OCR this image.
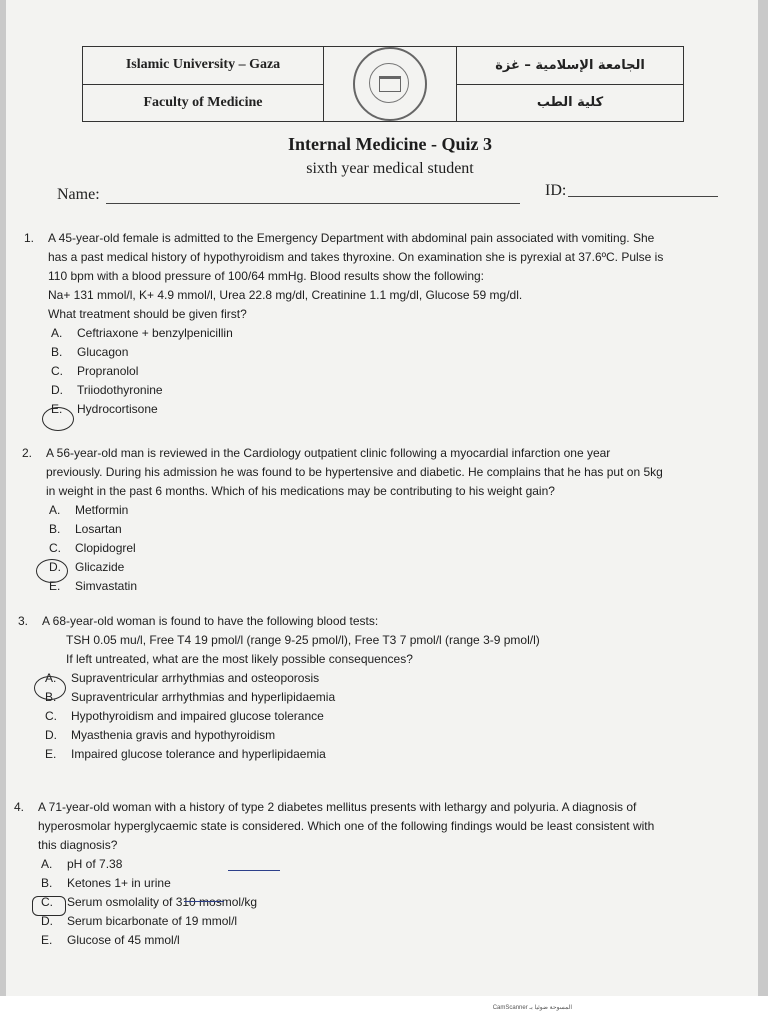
Islamic University – Gaza		الجامعة الإسلامية – غزة
Faculty of Medicine		كلية الطب
Internal Medicine - Quiz 3
sixth year medical student
Name:	ID:
1. A 45-year-old female is admitted to the Emergency Department with abdominal pain associated with vomiting. She
has a past medical history of hypothyroidism and takes thyroxine. On examination she is pyrexial at 37.6ºC. Pulse is
110 bpm with a blood pressure of 100/64 mmHg. Blood results show the following:
Na+ 131 mmol/l, K+ 4.9 mmol/l, Urea 22.8 mg/dl, Creatinine 1.1 mg/dl, Glucose 59 mg/dl.
What treatment should be given first?
A. Ceftriaxone + benzylpenicillin
B. Glucagon
C. Propranolol
D. Triiodothyronine
E. Hydrocortisone
2. A 56-year-old man is reviewed in the Cardiology outpatient clinic following a myocardial infarction one year
previously. During his admission he was found to be hypertensive and diabetic. He complains that he has put on 5kg
in weight in the past 6 months. Which of his medications may be contributing to his weight gain?
A. Metformin
B. Losartan
C. Clopidogrel
D. Glicazide
E. Simvastatin
3. A 68-year-old woman is found to have the following blood tests:
TSH 0.05 mu/l, Free T4 19 pmol/l (range 9-25 pmol/l), Free T3 7 pmol/l (range 3-9 pmol/l)
If left untreated, what are the most likely possible consequences?
A. Supraventricular arrhythmias and osteoporosis
B. Supraventricular arrhythmias and hyperlipidaemia
C. Hypothyroidism and impaired glucose tolerance
D. Myasthenia gravis and hypothyroidism
E. Impaired glucose tolerance and hyperlipidaemia
4. A 71-year-old woman with a history of type 2 diabetes mellitus presents with lethargy and polyuria. A diagnosis of
hyperosmolar hyperglycaemic state is considered. Which one of the following findings would be least consistent with
this diagnosis?
A. pH of 7.38
B. Ketones 1+ in urine
C. Serum osmolality of 310 mosmol/kg
D. Serum bicarbonate of 19 mmol/l
E. Glucose of 45 mmol/l
CamScanner المسوحة ضوئيا بـ
